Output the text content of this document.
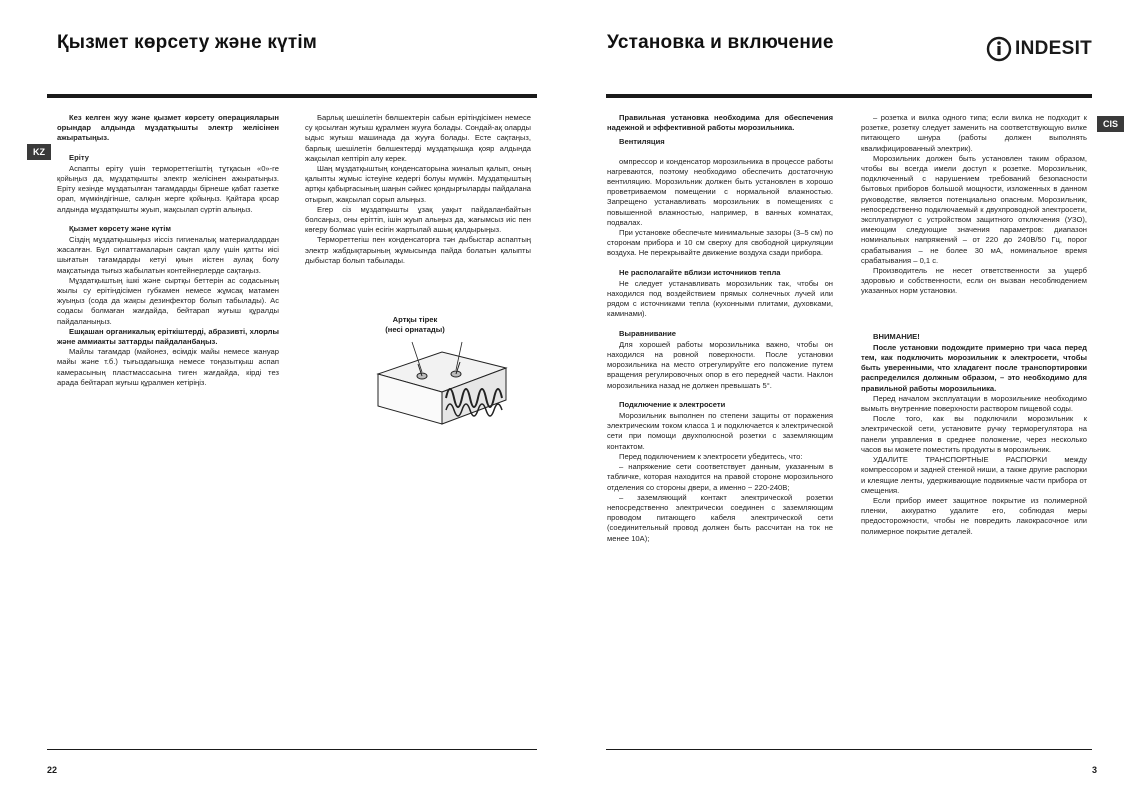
Қызмет көрсету және күтім
KZ

Кез келген жуу және қызмет көрсету операцияларын орындар алдында мұздатқышты электр желісінен ажыратыңыз.

Еріту

Аспапты еріту үшін термореттегіштің тұтқасын «0»-ге қойыңыз да, мұздатқышты электр желісінен ажыратыңыз. Еріту кезінде мұздатылған тағамдарды бірнеше қабат газетке орап, мүмкіндігінше, салқын жерге қойыңыз. Қайтара қосар алдында мұздатқышты жуып, жақсылап сүртіп алыңыз.

Қызмет көрсету және күтім

Сіздің мұздатқышыңыз иіссіз гигиеналық материалдардан жасалған. Бұл сипаттамаларын сақтап қалу үшін қатты иісі шығатын тағамдарды кетуі қиын иістен аулақ болу мақсатында тығыз жабылатын контейнерлерде сақтаңыз.

Мұздатқыштың ішкі және сыртқы беттерін ас содасының жылы су ерітіндісімен губкамен немесе жұмсақ матамен жуыңыз (сода да жақсы дезинфектор болып табылады). Ас содасы болмаған жағдайда, бейтарап жуғыш құралды пайдаланыңыз.

Ешқашан органикалық еріткіштерді, абразивті, хлорлы және аммиакты заттарды пайдаланбаңыз.

Майлы тағамдар (майонез, өсімдік майы немесе жануар майы және т.б.) тығыздағышқа немесе тоңазытқыш аспап камерасының пластмассасына тиген жағдайда, кірді тез арада бейтарап жуғыш құралмен кетіріңіз.

Барлық шешілетін бөлшектерін сабын ерітіндісімен немесе су қосылған жуғыш құралмен жууға болады. Сондай-ақ оларды ыдыс жуғыш машинада да жууға болады. Есте сақтаңыз, барлық шешілетін бөлшектерді мұздатқышқа қояр алдында жақсылап кептіріп алу керек.

Шаң мұздатқыштың конденсаторына жиналып қалып, оның қалыпты жұмыс істеуіне кедергі болуы мүмкін. Мұздатқыштың артқы қабырғасының шаңын сәйкес қондырғыларды пайдалана отырып, жақсылап сорып алыңыз.

Егер сіз мұздатқышты ұзақ уақыт пайдаланбайтын болсаңыз, оны еріттіп, ішін жуып алыңыз да, жағымсыз иіс пен көгеру болмас үшін есігін жартылай ашық қалдырыңыз.

Термореттегіш пен конденсаторға тән дыбыстар аспаптың электр жабдықтарының жұмысында пайда болатын қалыпты дыбыстар болып табылады.

Артқы тірек
(несі орнатады)
22
Установка и включение	INDESIT
CIS

Правильная установка необходима для обеспечения надежной и эффективной работы морозильника.

Вентиляция

омпрессор и конденсатор морозильника в процессе работы нагреваются, поэтому необходимо обеспечить достаточную вентиляцию. Морозильник должен быть установлен в хорошо проветриваемом помещении с нормальной влажностью. Запрещено устанавливать морозильник в помещениях с повышенной влажностью, например, в ванных комнатах, подвалах.

При установке обеспечьте минимальные зазоры (3–5 см) по сторонам прибора и 10 см сверху для свободной циркуляции воздуха. Не перекрывайте движение воздуха сзади прибора.

Не располагайте вблизи источников тепла

Не следует устанавливать морозильник так, чтобы он находился под воздействием прямых солнечных лучей или рядом с источниками тепла (кухонными плитами, духовками, каминами).

Выравнивание

Для хорошей работы морозильника важно, чтобы он находился на ровной поверхности. После установки морозильника на место отрегулируйте его положение путем вращения регулировочных опор в его передней части. Наклон морозильника назад не должен превышать 5°.

Подключение к электросети

Морозильник выполнен по степени защиты от поражения электрическим током класса 1 и подключается к электрической сети при помощи двухполюсной розетки с заземляющим контактом.

Перед подключением к электросети убедитесь, что:

– напряжение сети соответствует данным, указанным в табличке, которая находится на правой стороне морозильного отделения со стороны двери, а именно ~ 220-240В;

– заземляющий контакт электрической розетки непосредственно электрически соединен с заземляющим проводом питающего кабеля электрической сети (соединительный провод должен быть рассчитан на ток не менее 10А);

– розетка и вилка одного типа; если вилка не подходит к розетке, розетку следует заменить на соответствующую вилке питающего шнура (работы должен выполнять квалифицированный электрик).

Морозильник должен быть установлен таким образом, чтобы вы всегда имели доступ к розетке. Морозильник, подключенный с нарушением требований безопасности бытовых приборов большой мощности, изложенных в данном руководстве, является потенциально опасным. Морозильник, непосредственно подключаемый к двухпроводной электросети, эксплуатируют с устройством защитного отключения (УЗО), имеющим следующие значения параметров: диапазон номинальных напряжений – от 220 до 240В/50 Гц, порог срабатывания – не более 30 мА, номинальное время срабатывания – 0,1 с.

Производитель не несет ответственности за ущерб здоровью и собственности, если он вызван несоблюдением указанных норм установки.

ВНИМАНИЕ!

После установки подождите примерно три часа перед тем, как подключить морозильник к электросети, чтобы быть уверенными, что хладагент после транспортировки распределился должным образом, – это необходимо для правильной работы морозильника.

Перед началом эксплуатации в морозильнике необходимо вымыть внутренние поверхности раствором пищевой соды.

После того, как вы подключили морозильник к электрической сети, установите ручку терморегулятора на панели управления в среднее положение, через несколько часов вы можете поместить продукты в морозильник.

УДАЛИТЕ ТРАНСПОРТНЫЕ РАСПОРКИ между компрессором и задней стенкой ниши, а также другие распорки и клеящие ленты, удерживающие подвижные части прибора от смещения.

Если прибор имеет защитное покрытие из полимерной пленки, аккуратно удалите его, соблюдая меры предосторожности, чтобы не повредить лакокрасочное или полимерное покрытие деталей.

3
